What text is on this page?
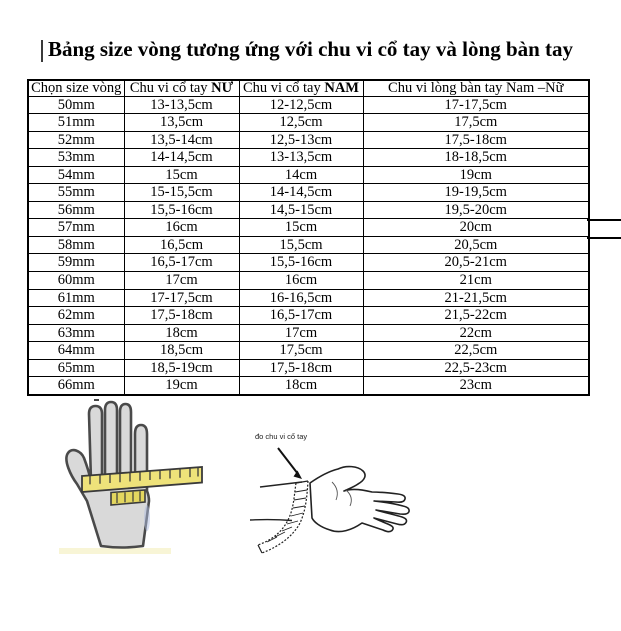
Bảng size vòng tương ứng với chu vi cổ tay và lòng bàn tay
Chọn size vòng	Chu vi cổ tay NỮ	Chu vi cổ tay NAM	Chu vi lòng bàn tay Nam –Nữ
50mm	13-13,5cm	12-12,5cm	17-17,5cm
51mm	13,5cm	12,5cm	17,5cm
52mm	13,5-14cm	12,5-13cm	17,5-18cm
53mm	14-14,5cm	13-13,5cm	18-18,5cm
54mm	15cm	14cm	19cm
55mm	15-15,5cm	14-14,5cm	19-19,5cm
56mm	15,5-16cm	14,5-15cm	19,5-20cm
57mm	16cm	15cm	20cm
58mm	16,5cm	15,5cm	20,5cm
59mm	16,5-17cm	15,5-16cm	20,5-21cm
60mm	17cm	16cm	21cm
61mm	17-17,5cm	16-16,5cm	21-21,5cm
62mm	17,5-18cm	16,5-17cm	21,5-22cm
63mm	18cm	17cm	22cm
64mm	18,5cm	17,5cm	22,5cm
65mm	18,5-19cm	17,5-18cm	22,5-23cm
66mm	19cm	18cm	23cm
đo chu vi cổ tay
